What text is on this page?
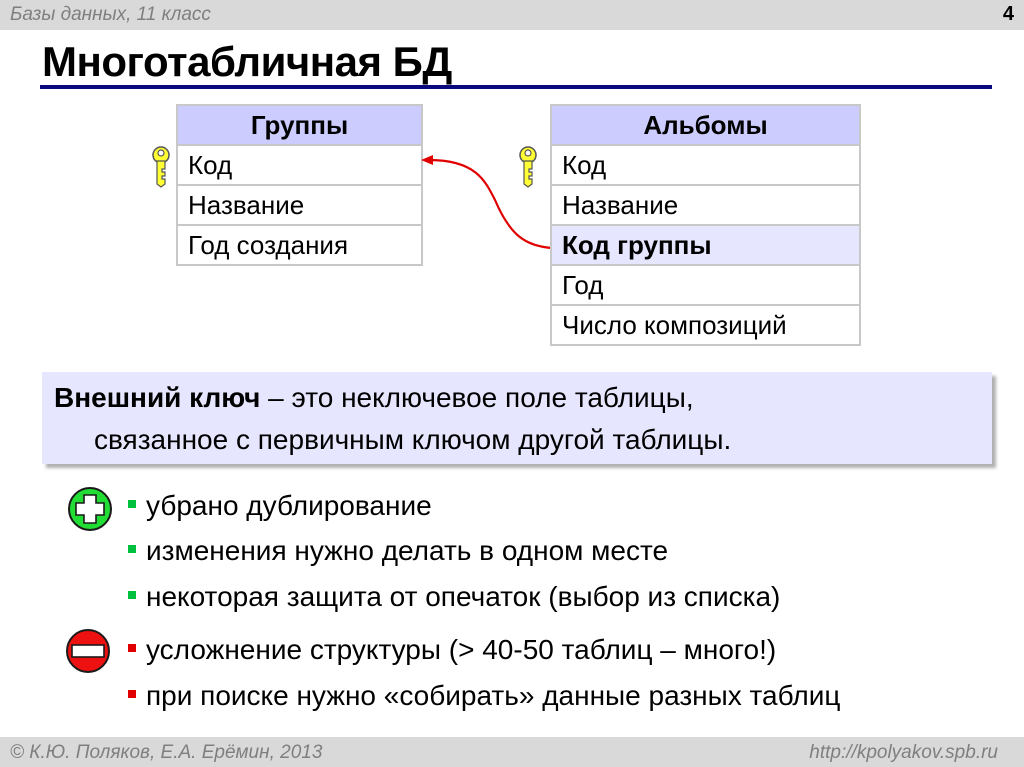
Базы данных, 11 класс	4
Многотабличная БД
Группы
Код
Название
Год создания
Альбомы
Код
Название
Код группы
Год
Число композиций
Внешний ключ – это неключевое поле таблицы,
связанное с первичным ключом другой таблицы.
убрано дублирование
изменения нужно делать в одном месте
некоторая защита от опечаток (выбор из списка)
усложнение структуры (> 40-50 таблиц – много!)
при поиске нужно «собирать» данные разных таблиц
© К.Ю. Поляков, Е.А. Ерёмин, 2013	http://kpolyakov.spb.ru
